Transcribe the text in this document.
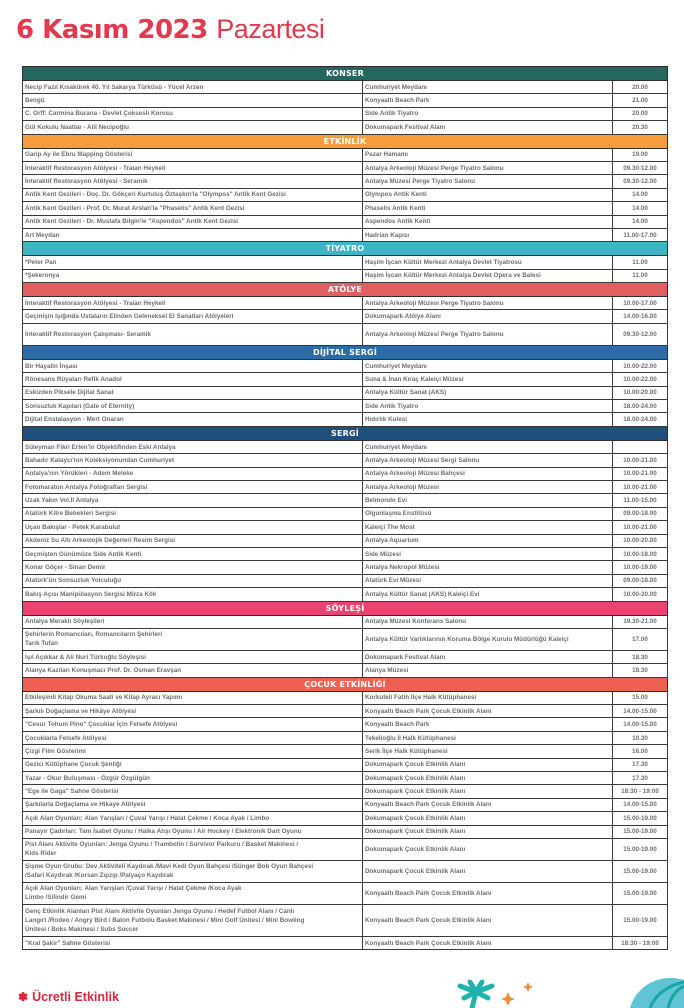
6 Kasım 2023 Pazartesi
KONSER		
Necip Fazıl Kısakürek 40. Yıl Sakarya Türküsü - Yücel Arzen	Cumhuriyet Meydanı	20.00
Bengü	Konyaaltı Beach Park	21.00
C. Orff: Carmina Burana - Devlet Çoksesli Korosu	Side Antik Tiyatro	20.00
Gül Kokulu Naatlar - Alil Necipoğlu	Dokumapark Festival Alanı	20.30
ETKİNLİK		
Garip Ay ile Ebru Mapping Gösterisi	Pazar Hamamı	19.00
İnteraktif Restorasyon Atölyesi - Traian Heykeli	Antalya Arkeoloji Müzesi Perge Tiyatro Salonu	09.30-12.00
İnteraktif Restorasyon Atölyesi - Seramik	Antalya Müzesi Perge Tiyatro Salonu	09.30-12.00
Antik Kent Gezileri - Doç. Dr. Gökçeri Kurtuluş Öztaşkın'la "Olympos" Antik Kent Gezisi	Olympos Antik Kenti	14.00
Antik Kent Gezileri - Prof. Dr. Murat Arslan'la "Phaselis" Antik Kent Gezisi	Phaselis Antik Kenti	14.00
Antik Kent Gezileri - Dr. Mustafa Bilgin'le "Aspendos" Antik Kent Gezisi	Aspendos Antik Kenti	14.00
Art Meydan	Hadrian Kapısı	11.00-17.00
TİYATRO		
*Peter Pan	Haşim İşcan Kültür Merkezi Antalya Devlet Tiyatrosu	11.00
*Şekeronya	Haşim İşcan Kültür Merkezi Antalya Devlet Opera ve Balesi	11.00
ATÖLYE		
İnteraktif Restorasyon Atölyesi - Traian Heykeli	Antalya Arkeoloji Müzesi Perge Tiyatro Salonu	10.00-17.00
Geçmişin Işığında Ustaların Elinden Geleneksel El Sanatları Atölyeleri	Dokumapark Atölye Alanı	14.00-16.00
İnteraktif Restorasyon Çalışması- Seramik	Antalya Arkeoloji Müzesi Perge Tiyatro Salonu	09.30-12.00
DİJİTAL SERGİ		
Bir Hayalin İnşası	Cumhuriyet Meydanı	10.00-22.00
Rönesans Rüyaları Refik Anadol	Suna & İnan Kıraç Kaleiçi Müzesi	10.00-22.00
Eskizden Piksele Dijital Sanat	Antalya Kültür Sanat (AKS)	10.00-20.00
Sonsuzluk Kapıları (Gate of Eternity)	Side Antik Tiyatro	18.00-24.00
Dijital Enstalasyon - Mert Onaran	Hıdırlık Kulesi	18.00-24.00
SERGİ		
Süleyman Fikri Erten'in Objektifinden Eski Antalya	Cumhuriyet Meydanı	
Bahadır Kalaycı'nın Koleksiyonundan Cumhuriyet	Antalya Arkeoloji Müzesi Sergi Salonu	10.00-21.00
Antalya'nın Yörükleri - Adem Meleke	Antalya Arkeoloji Müzesi Bahçesi	10.00-21.00
Fotomaraton Antalya Fotoğrafları Sergisi	Antalya Arkeoloji Müzesi	10.00-21.00
Uzak Yakın Vol.II Antalya	Belmondo Evi	11.00-15.00
Atatürk Kitre Bebekleri Sergisi	Olgunlaşma Enstitüsü	09.00-18.00
Uçan Bakışlar - Petek Karabulut	Kaleiçi The Most	10.00-21.00
Akdeniz Su Altı Arkeolojik Değerleri Resim Sergisi	Antalya Aquarium	10.00-20.00
Geçmişten Günümüze Side Antik Kenti	Side Müzesi	10.00-18.00
Konar Göçer - Sinan Demir	Antalya Nekropol Müzesi	10.00-19.00
Atatürk'ün Sonsuzluk Yolculuğu	Atatürk Evi Müzesi	09.00-18.00
Bakış Açısı Manipülasyon Sergisi Mirza Kök	Antalya Kültür Sanat (AKS) Kaleiçi Evi	10.00-20.00
SÖYLEŞİ		
Antalya Meraklı Söyleşileri	Antalya Müzesi Konferans Salonu	19.30-21.00
Şehirlerin Romancıları, Romancıların Şehirleri
Tarık Tufan	Antalya Kültür Varlıklarının Koruma Bölge Kurulu Müdürlüğü Kaleiçi	17.00
Işıl Açıkkar & Ali Nuri Türkoğlu Söyleşisi	Dokumapark Festival Alanı	18.30
Alanya Kazıları Konuşmacı Prof. Dr. Osman Eravşan	Alanya Müzesi	18.30
ÇOCUK ETKİNLİĞİ		
Etkileşimli Kitap Okuma Saati ve Kitap Ayracı Yapımı	Korkuteli Fatih İlçe Halk Kütüphanesi	15.00
Şarkılı Doğaçlama ve Hikâye Atölyesi	Konyaaltı Beach Park Çocuk Etkinlik Alanı	14.00-15.00
"Cesur Tohum Pino" Çocuklar İçin Felsefe Atölyesi	Konyaaltı Beach Park	14.00-15.00
Çocuklarla Felsefe Atölyesi	Tekelioğlu İl Halk Kütüphanesi	10.30
Çizgi Film Gösterimi	Serik İlçe Halk Kütüphanesi	16.00
Gezici Kütüphane Çocuk Şenliği	Dokumapark Çocuk Etkinlik Alanı	17.30
Yazar - Okur Buluşması - Özgür Özgülgün	Dokumapark Çocuk Etkinlik Alanı	17.30
"Ege ile Gaga" Sahne Gösterisi	Dokumapark Çocuk Etkinlik Alanı	18:30 - 19:00
Şarkılarla Doğaçlama ve Hikaye Atölyesi	Konyaaltı Beach Park Çocuk Etkinlik Alanı	14.00-15.00
Açık Alan Oyunları: Alan Yarışları / Çuval Yarışı / Halat Çekme / Koca Ayak / Limbo	Dokumapark Çocuk Etkinlik Alanı	15.00-19.00
Panayır Çadırları: Tam İsabet Oyunu / Halka Atışı Oyunu / Air Hockey / Elektronik Dart Oyunu	Dokumapark Çocuk Etkinlik Alanı	15.00-19.00
Pist Alanı Aktivite Oyunları: Jenga Oyunu / Trambolin / Survivor Parkuru / Basket Makinesi /
Kids Rider	Dokumapark Çocuk Etkinlik Alanı	15.00-19.00
Şişme Oyun Grubu: Dev Aktiviteli Kaydırak /Mavi Kedi Oyun Bahçesi /Sünger Bob Oyun Bahçesi
/Safari Kaydırak /Korsan Zıpzıp /Palyaço Kaydırak	Dokumapark Çocuk Etkinlik Alanı	15.00-19.00
Açık Alan Oyunları: Alan Yarışları /Çuval Yarışı / Halat Çekme /Koca Ayak
Limbo /Silindir Gemi	Konyaaltı Beach Park Çocuk Etkinlik Alanı	15.00-19.00
Genç Etkinlik Alanları Pist Alanı Aktivite Oyunları Jenga Oyunu / Hedef Futbol Alanı / Canlı
Langırt /Rodeo / Angry Bird / Balon Futbolu Basket Makinesi / Mini Golf Ünitesi / Mini Bowling
Ünitesi / Boks Makinesi / Subs Soccer	Konyaaltı Beach Park Çocuk Etkinlik Alanı	15.00-19.00
"Kral Şakir" Sahne Gösterisi	Konyaaltı Beach Park Çocuk Etkinlik Alanı	18:30 - 19:00
✽ Ücretli Etkinlik
